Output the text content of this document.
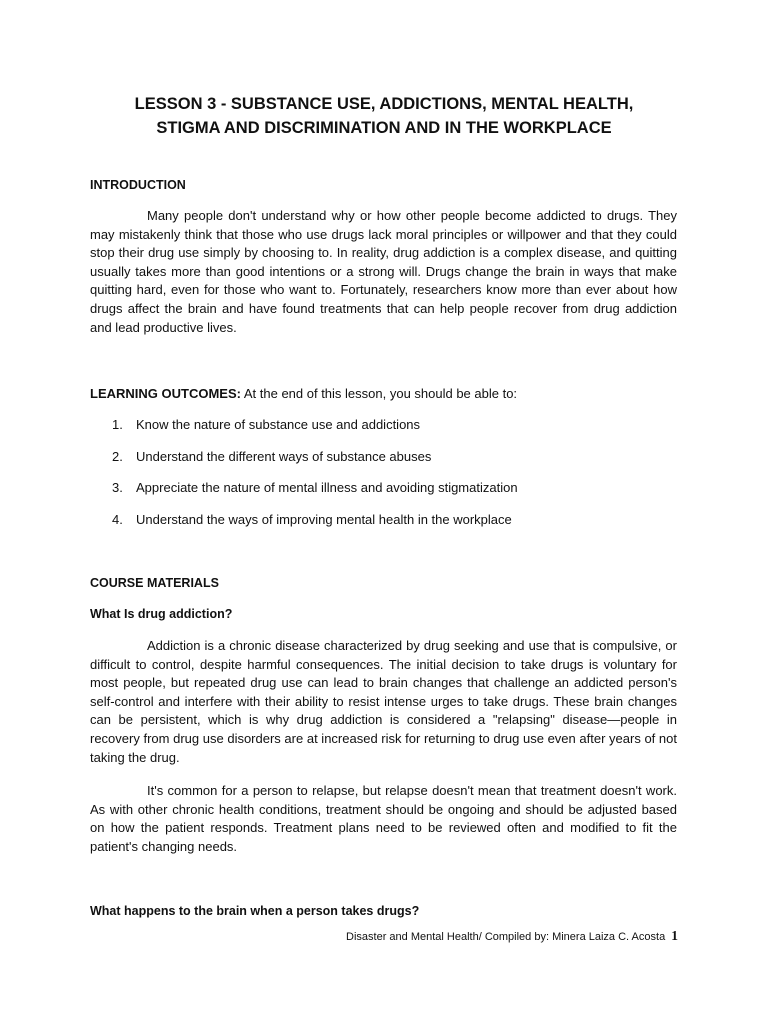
LESSON 3 - SUBSTANCE USE, ADDICTIONS, MENTAL HEALTH,
STIGMA AND DISCRIMINATION AND IN THE WORKPLACE
INTRODUCTION

Many people don't understand why or how other people become addicted to drugs. They may mistakenly think that those who use drugs lack moral principles or willpower and that they could stop their drug use simply by choosing to. In reality, drug addiction is a complex disease, and quitting usually takes more than good intentions or a strong will. Drugs change the brain in ways that make quitting hard, even for those who want to. Fortunately, researchers know more than ever about how drugs affect the brain and have found treatments that can help people recover from drug addiction and lead productive lives.

LEARNING OUTCOMES: At the end of this lesson, you should be able to:

1. Know the nature of substance use and addictions
2. Understand the different ways of substance abuses
3. Appreciate the nature of mental illness and avoiding stigmatization
4. Understand the ways of improving mental health in the workplace
COURSE MATERIALS
What Is drug addiction?

Addiction is a chronic disease characterized by drug seeking and use that is compulsive, or difficult to control, despite harmful consequences. The initial decision to take drugs is voluntary for most people, but repeated drug use can lead to brain changes that challenge an addicted person's self-control and interfere with their ability to resist intense urges to take drugs. These brain changes can be persistent, which is why drug addiction is considered a "relapsing" disease—people in recovery from drug use disorders are at increased risk for returning to drug use even after years of not taking the drug.

It's common for a person to relapse, but relapse doesn't mean that treatment doesn't work. As with other chronic health conditions, treatment should be ongoing and should be adjusted based on how the patient responds. Treatment plans need to be reviewed often and modified to fit the patient's changing needs.

What happens to the brain when a person takes drugs?
Disaster and Mental Health/ Compiled by: Minera Laiza C. Acosta 1
